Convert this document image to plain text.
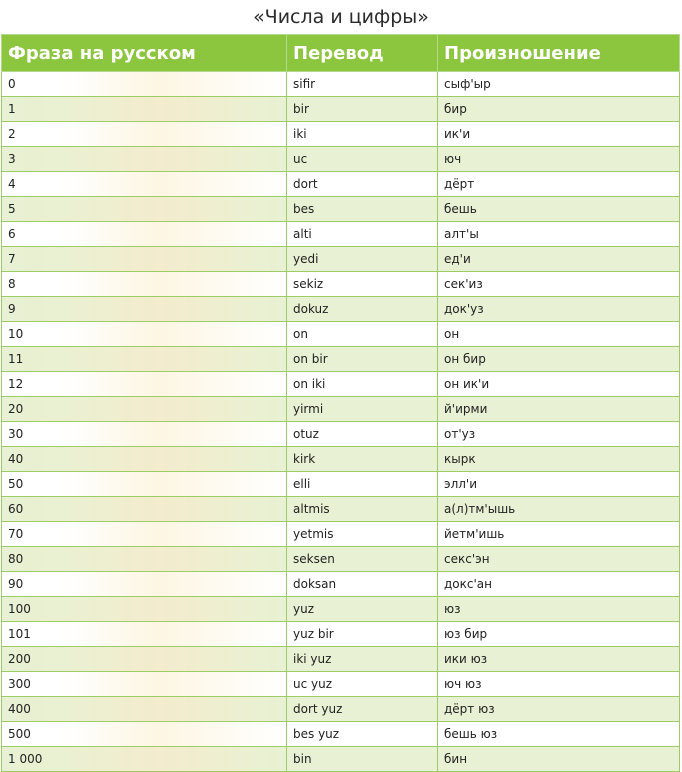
«Числа и цифры»
Фраза на русском	Перевод	Произношение
0	sifir	сыф'ыр
1	bir	бир
2	iki	ик'и
3	uc	юч
4	dort	дёрт
5	bes	бешь
6	alti	алт'ы
7	yedi	ед'и
8	sekiz	сек'из
9	dokuz	док'уз
10	on	он
11	on bir	он бир
12	on iki	он ик'и
20	yirmi	й'ирми
30	otuz	от'уз
40	kirk	кырк
50	elli	элл'и
60	altmis	а(л)тм'ышь
70	yetmis	йетм'ишь
80	seksen	секс'эн
90	doksan	докс'ан
100	yuz	юз
101	yuz bir	юз бир
200	iki yuz	ики юз
300	uc yuz	юч юз
400	dort yuz	дёрт юз
500	bes yuz	бешь юз
1 000	bin	бин
